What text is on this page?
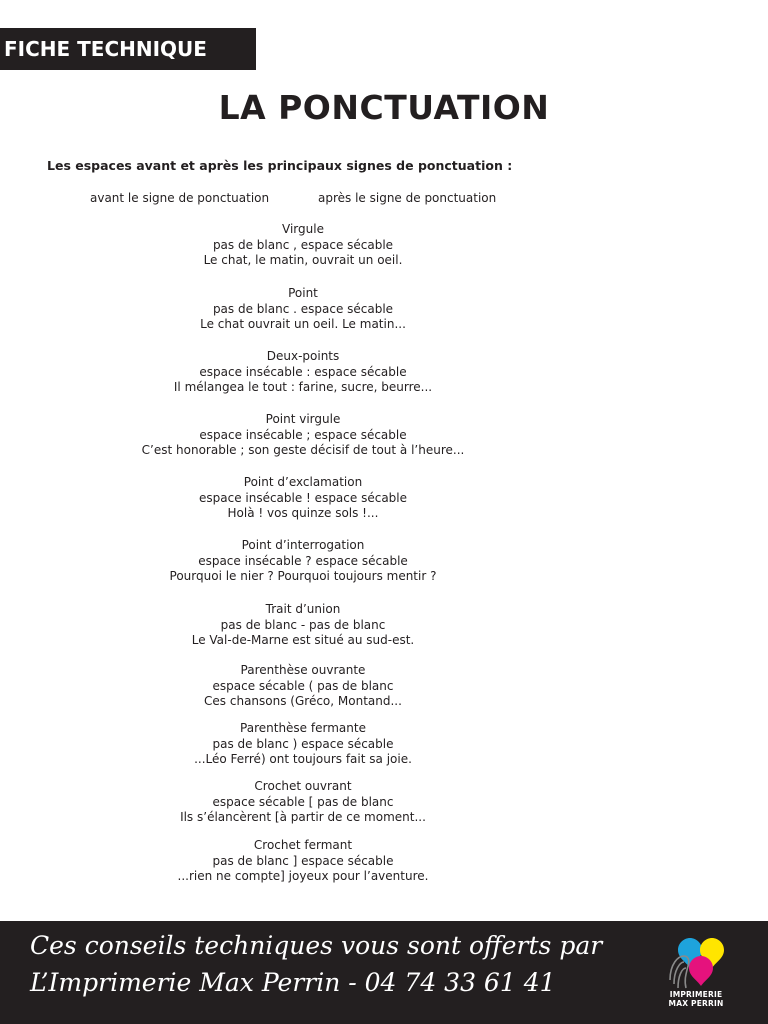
FICHE TECHNIQUE
LA PONCTUATION
Les espaces avant et après les principaux signes de ponctuation :
avant le signe de ponctuation	après le signe de ponctuation
Virgule
pas de blanc , espace sécable
Le chat, le matin, ouvrait un oeil.
Point
pas de blanc . espace sécable
Le chat ouvrait un oeil. Le matin...
Deux-points
espace insécable : espace sécable
Il mélangea le tout : farine, sucre, beurre...
Point virgule
espace insécable ; espace sécable
C’est honorable ; son geste décisif de tout à l’heure...
Point d’exclamation
espace insécable ! espace sécable
Holà ! vos quinze sols !...
Point d’interrogation
espace insécable ? espace sécable
Pourquoi le nier ? Pourquoi toujours mentir ?
Trait d’union
pas de blanc - pas de blanc
Le Val-de-Marne est situé au sud-est.
Parenthèse ouvrante
espace sécable ( pas de blanc
Ces chansons (Gréco, Montand...
Parenthèse fermante
pas de blanc ) espace sécable
...Léo Ferré) ont toujours fait sa joie.
Crochet ouvrant
espace sécable [ pas de blanc
Ils s’élancèrent [à partir de ce moment...
Crochet fermant
pas de blanc ] espace sécable
...rien ne compte] joyeux pour l’aventure.
Ces conseils techniques vous sont offerts par
L’Imprimerie Max Perrin - 04 74 33 61 41	IMPRIMERIE
MAX PERRIN
